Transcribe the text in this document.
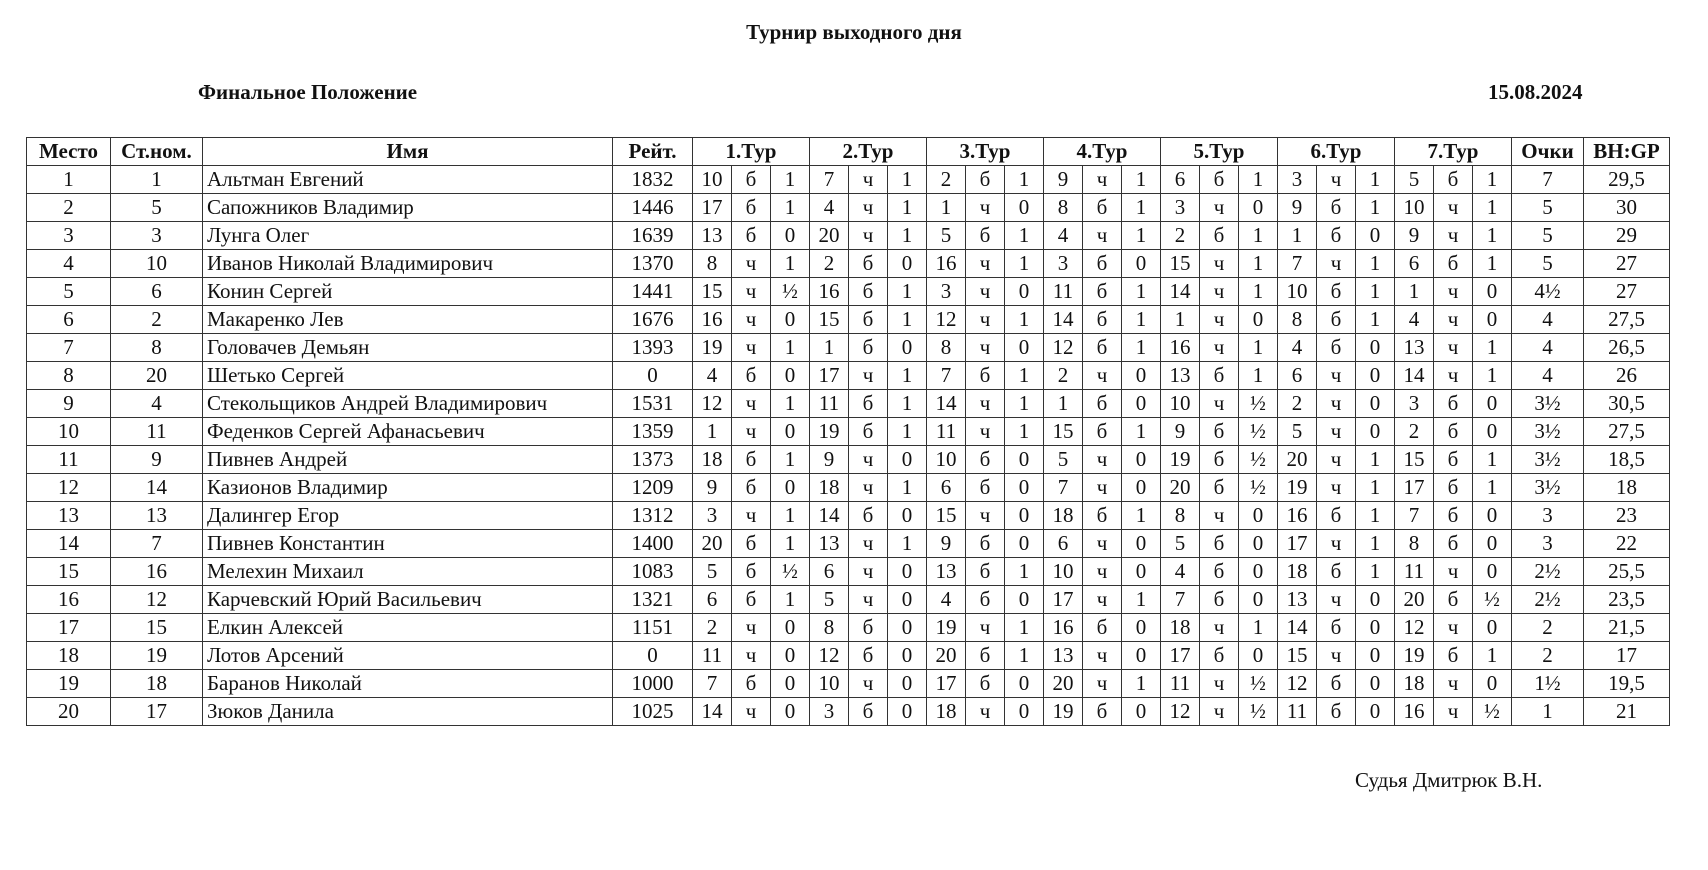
Турнир выходного дня
Финальное Положение	15.08.2024
Место	Ст.ном.	Имя	Рейт.	1.Тур			2.Тур			3.Тур			4.Тур			5.Тур			6.Тур			7.Тур			Очки	BH:GP
1	1	Альтман Евгений	1832	10	б	1	7	ч	1	2	б	1	9	ч	1	6	б	1	3	ч	1	5	б	1	7	29,5
2	5	Сапожников Владимир	1446	17	б	1	4	ч	1	1	ч	0	8	б	1	3	ч	0	9	б	1	10	ч	1	5	30
3	3	Лунга Олег	1639	13	б	0	20	ч	1	5	б	1	4	ч	1	2	б	1	1	б	0	9	ч	1	5	29
4	10	Иванов Николай Владимирович	1370	8	ч	1	2	б	0	16	ч	1	3	б	0	15	ч	1	7	ч	1	6	б	1	5	27
5	6	Конин Сергей	1441	15	ч	½	16	б	1	3	ч	0	11	б	1	14	ч	1	10	б	1	1	ч	0	4½	27
6	2	Макаренко Лев	1676	16	ч	0	15	б	1	12	ч	1	14	б	1	1	ч	0	8	б	1	4	ч	0	4	27,5
7	8	Головачев Демьян	1393	19	ч	1	1	б	0	8	ч	0	12	б	1	16	ч	1	4	б	0	13	ч	1	4	26,5
8	20	Шетько Сергей	0	4	б	0	17	ч	1	7	б	1	2	ч	0	13	б	1	6	ч	0	14	ч	1	4	26
9	4	Стекольщиков Андрей Владимирович	1531	12	ч	1	11	б	1	14	ч	1	1	б	0	10	ч	½	2	ч	0	3	б	0	3½	30,5
10	11	Феденков Сергей Афанасьевич	1359	1	ч	0	19	б	1	11	ч	1	15	б	1	9	б	½	5	ч	0	2	б	0	3½	27,5
11	9	Пивнев Андрей	1373	18	б	1	9	ч	0	10	б	0	5	ч	0	19	б	½	20	ч	1	15	б	1	3½	18,5
12	14	Казионов Владимир	1209	9	б	0	18	ч	1	6	б	0	7	ч	0	20	б	½	19	ч	1	17	б	1	3½	18
13	13	Далингер Егор	1312	3	ч	1	14	б	0	15	ч	0	18	б	1	8	ч	0	16	б	1	7	б	0	3	23
14	7	Пивнев Константин	1400	20	б	1	13	ч	1	9	б	0	6	ч	0	5	б	0	17	ч	1	8	б	0	3	22
15	16	Мелехин Михаил	1083	5	б	½	6	ч	0	13	б	1	10	ч	0	4	б	0	18	б	1	11	ч	0	2½	25,5
16	12	Карчевский Юрий Васильевич	1321	6	б	1	5	ч	0	4	б	0	17	ч	1	7	б	0	13	ч	0	20	б	½	2½	23,5
17	15	Елкин Алексей	1151	2	ч	0	8	б	0	19	ч	1	16	б	0	18	ч	1	14	б	0	12	ч	0	2	21,5
18	19	Лотов Арсений	0	11	ч	0	12	б	0	20	б	1	13	ч	0	17	б	0	15	ч	0	19	б	1	2	17
19	18	Баранов Николай	1000	7	б	0	10	ч	0	17	б	0	20	ч	1	11	ч	½	12	б	0	18	ч	0	1½	19,5
20	17	Зюков Данила	1025	14	ч	0	3	б	0	18	ч	0	19	б	0	12	ч	½	11	б	0	16	ч	½	1	21
Судья Дмитрюк В.Н.
